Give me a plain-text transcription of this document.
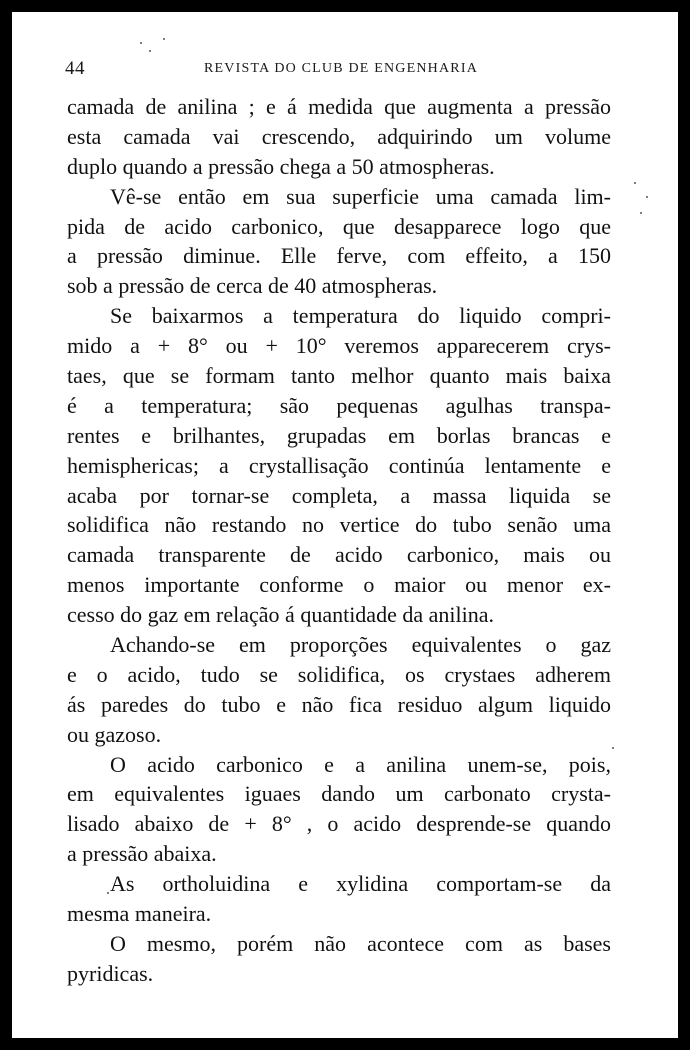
44	REVISTA DO CLUB DE ENGENHARIA
camada de anilina ; e á medida que augmenta a pressão
esta camada vai crescendo, adquirindo um volume
duplo quando a pressão chega a 50 atmospheras.
Vê-se então em sua superficie uma camada lim-
pida de acido carbonico, que desapparece logo que
a pressão diminue. Elle ferve, com effeito, a 150
sob a pressão de cerca de 40 atmospheras.
Se baixarmos a temperatura do liquido compri-
mido a + 8° ou + 10° veremos apparecerem crys-
taes, que se formam tanto melhor quanto mais baixa
é a temperatura; são pequenas agulhas transpa-
rentes e brilhantes, grupadas em borlas brancas e
hemisphericas; a crystallisação continúa lentamente e
acaba por tornar-se completa, a massa liquida se
solidifica não restando no vertice do tubo senão uma
camada transparente de acido carbonico, mais ou
menos importante conforme o maior ou menor ex-
cesso do gaz em relação á quantidade da anilina.
Achando-se em proporções equivalentes o gaz
e o acido, tudo se solidifica, os crystaes adherem
ás paredes do tubo e não fica residuo algum liquido
ou gazoso.
O acido carbonico e a anilina unem-se, pois,
em equivalentes iguaes dando um carbonato crysta-
lisado abaixo de + 8° , o acido desprende-se quando
a pressão abaixa.
As ortholuidina e xylidina comportam-se da
mesma maneira.
O mesmo, porém não acontece com as bases
pyridicas.
